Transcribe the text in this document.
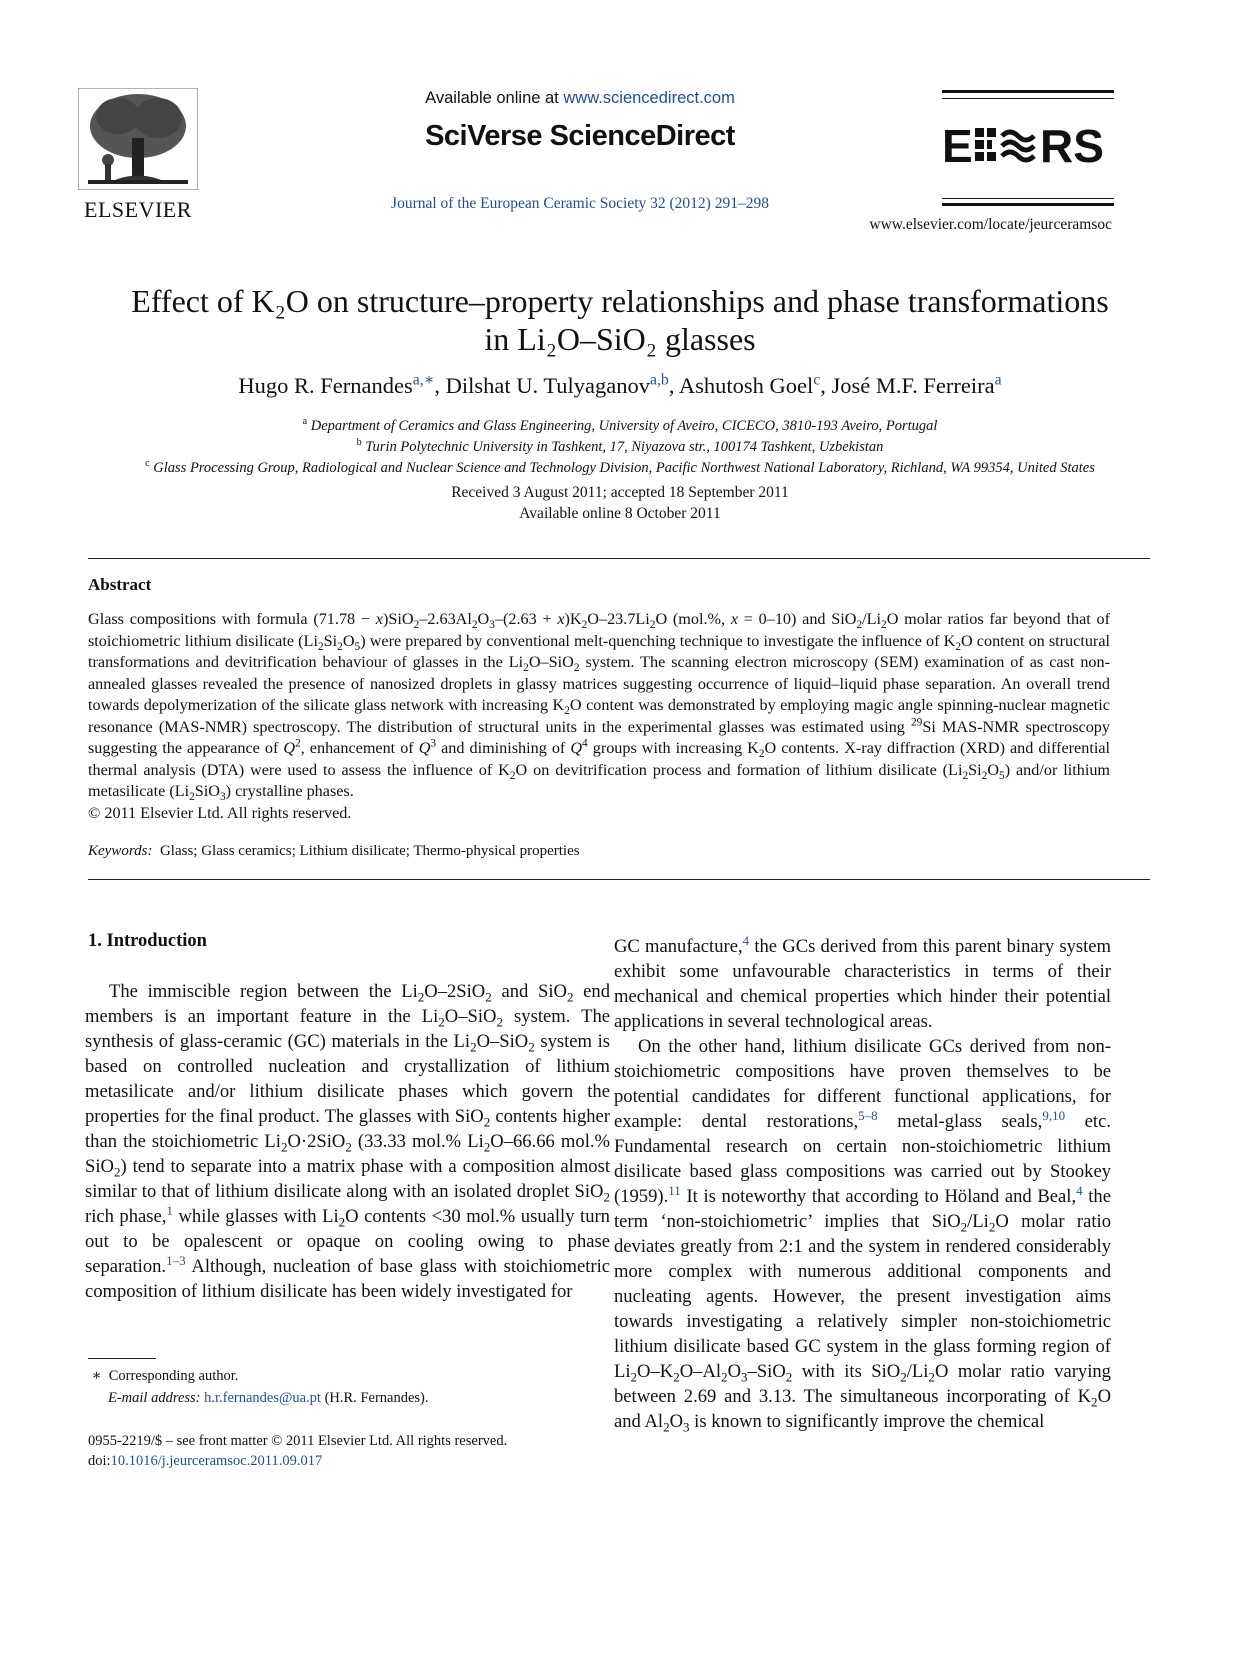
ELSEVIER
Available online at www.sciencedirect.com
SciVerse ScienceDirect
Journal of the European Ceramic Society 32 (2012) 291–298
E RS
www.elsevier.com/locate/jeurceramsoc
Effect of K₂O on structure–property relationships and phase transformations
in Li₂O–SiO₂ glasses
Hugo R. Fernandes$^{a,∗}$, Dilshat U. Tulyaganov$^{a,b}$, Ashutosh Goel$^c$, José M.F. Ferreira$^a$
$^a$ Department of Ceramics and Glass Engineering, University of Aveiro, CICECO, 3810-193 Aveiro, Portugal
$^b$ Turin Polytechnic University in Tashkent, 17, Niyazova str., 100174 Tashkent, Uzbekistan
$^c$ Glass Processing Group, Radiological and Nuclear Science and Technology Division, Pacific Northwest National Laboratory, Richland, WA 99354, United States
Received 3 August 2011; accepted 18 September 2011
Available online 8 October 2011
Abstract
Glass compositions with formula $(71.78 - x)SiO_2-2.63Al_2O_3-(2.63 + x)K_2O-23.7Li_2O$ (mol.%, x = 0–10) and $SiO_2/Li_2O$ molar ratios far beyond that of stoichiometric lithium disilicate $(Li_2Si_2O_5)$ were prepared by conventional melt-quenching technique to investigate the influence of $K_2O$ content on structural transformations and devitrification behaviour of glasses in the $Li_2O-SiO_2$ system. The scanning electron microscopy (SEM) examination of as cast non-annealed glasses revealed the presence of nanosized droplets in glassy matrices suggesting occurrence of liquid–liquid phase separation. An overall trend towards depolymerization of the silicate glass network with increasing $K_2O$ content was demonstrated by employing magic angle spinning-nuclear magnetic resonance (MAS-NMR) spectroscopy. The distribution of structural units in the experimental glasses was estimated using $^{29}$Si MAS-NMR spectroscopy suggesting the appearance of $Q^2$, enhancement of $Q^3$ and diminishing of $Q^4$ groups with increasing $K_2O$ contents. X-ray diffraction (XRD) and differential thermal analysis (DTA) were used to assess the influence of $K_2O$ on devitrification process and formation of lithium disilicate $(Li_2Si_2O_5)$ and/or lithium metasilicate $(Li_2SiO_3)$ crystalline phases.
© 2011 Elsevier Ltd. All rights reserved.
Keywords: Glass; Glass ceramics; Lithium disilicate; Thermo-physical properties
1. Introduction

The immiscible region between the $Li_2O-2SiO_2$ and SiO$_2$ end members is an important feature in the $Li_2O-SiO_2$ system. The synthesis of glass-ceramic (GC) materials in the $Li_2O-SiO_2$ system is based on controlled nucleation and crystallization of lithium metasilicate and/or lithium disilicate phases which govern the properties for the final product. The glasses with SiO$_2$ contents higher than the stoichiometric $Li_2O\cdot 2SiO_2$ (33.33 mol.% $Li_2O-66.66$ mol.% SiO$_2$) tend to separate into a matrix phase with a composition almost similar to that of lithium disilicate along with an isolated droplet SiO$_2$ rich phase,$^1$ while glasses with $Li_2O$ contents <30 mol.% usually turn out to be opalescent or opaque on cooling owing to phase separation.$^{1-3}$ Although, nucleation of base glass with stoichiometric composition of lithium disilicate has been widely investigated for

GC manufacture,$^4$ the GCs derived from this parent binary system exhibit some unfavourable characteristics in terms of their mechanical and chemical properties which hinder their potential applications in several technological areas.

On the other hand, lithium disilicate GCs derived from non-stoichiometric compositions have proven themselves to be potential candidates for different functional applications, for example: dental restorations,$^{5-8}$ metal-glass seals,$^{9,10}$ etc. Fundamental research on certain non-stoichiometric lithium disilicate based glass compositions was carried out by Stookey (1959).$^{11}$ It is noteworthy that according to Höland and Beal,$^4$ the term ‘non-stoichiometric’ implies that $SiO_2/Li_2O$ molar ratio deviates greatly from 2:1 and the system in rendered considerably more complex with numerous additional components and nucleating agents. However, the present investigation aims towards investigating a relatively simpler non-stoichiometric lithium disilicate based GC system in the glass forming region of $Li_2O-K_2O-Al_2O_3-SiO_2$ with its $SiO_2/Li_2O$ molar ratio varying between 2.69 and 3.13. The simultaneous incorporating of $K_2O$ and $Al_2O_3$ is known to significantly improve the chemical

∗ Corresponding author.
E-mail address: h.r.fernandes@ua.pt (H.R. Fernandes).
0955-2219/$ – see front matter © 2011 Elsevier Ltd. All rights reserved.
doi:10.1016/j.jeurceramsoc.2011.09.017
